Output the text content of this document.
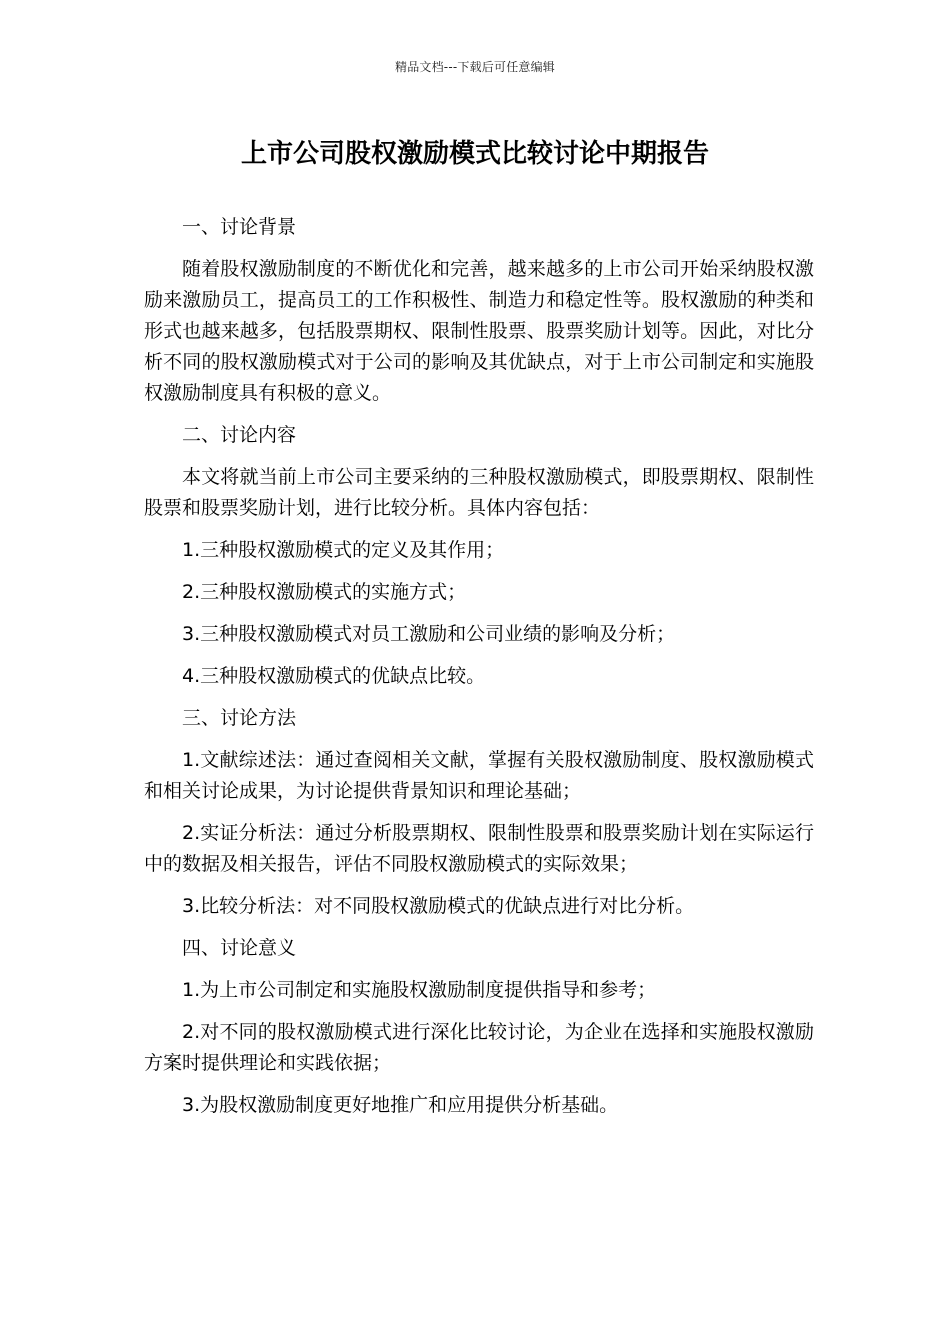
精品文档---下载后可任意编辑
上市公司股权激励模式比较讨论中期报告

一、讨论背景

随着股权激励制度的不断优化和完善，越来越多的上市公司开始采纳股权激励来激励员工，提高员工的工作积极性、制造力和稳定性等。股权激励的种类和形式也越来越多，包括股票期权、限制性股票、股票奖励计划等。因此，对比分析不同的股权激励模式对于公司的影响及其优缺点，对于上市公司制定和实施股权激励制度具有积极的意义。

二、讨论内容

本文将就当前上市公司主要采纳的三种股权激励模式，即股票期权、限制性股票和股票奖励计划，进行比较分析。具体内容包括：

1.三种股权激励模式的定义及其作用；

2.三种股权激励模式的实施方式；

3.三种股权激励模式对员工激励和公司业绩的影响及分析；

4.三种股权激励模式的优缺点比较。

三、讨论方法

1.文献综述法：通过查阅相关文献，掌握有关股权激励制度、股权激励模式和相关讨论成果，为讨论提供背景知识和理论基础；

2.实证分析法：通过分析股票期权、限制性股票和股票奖励计划在实际运行中的数据及相关报告，评估不同股权激励模式的实际效果；

3.比较分析法：对不同股权激励模式的优缺点进行对比分析。

四、讨论意义

1.为上市公司制定和实施股权激励制度提供指导和参考；

2.对不同的股权激励模式进行深化比较讨论，为企业在选择和实施股权激励方案时提供理论和实践依据；

3.为股权激励制度更好地推广和应用提供分析基础。
